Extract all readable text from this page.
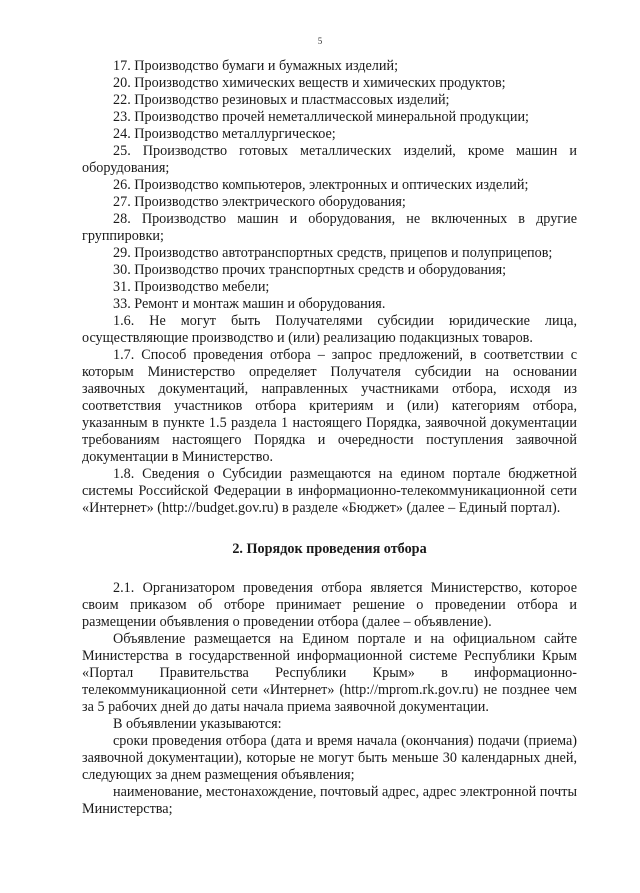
5

17. Производство бумаги и бумажных изделий;

20. Производство химических веществ и химических продуктов;

22. Производство резиновых и пластмассовых изделий;

23. Производство прочей неметаллической минеральной продукции;

24. Производство металлургическое;

25. Производство готовых металлических изделий, кроме машин и оборудования;

26. Производство компьютеров, электронных и оптических изделий;

27. Производство электрического оборудования;

28. Производство машин и оборудования, не включенных в другие группировки;

29. Производство автотранспортных средств, прицепов и полуприцепов;

30. Производство прочих транспортных средств и оборудования;

31. Производство мебели;

33. Ремонт и монтаж машин и оборудования.

1.6. Не могут быть Получателями субсидии юридические лица, осуществляющие производство и (или) реализацию подакцизных товаров.

1.7. Способ проведения отбора – запрос предложений, в соответствии с которым Министерство определяет Получателя субсидии на основании заявочных документаций, направленных участниками отбора, исходя из соответствия участников отбора критериям и (или) категориям отбора, указанным в пункте 1.5 раздела 1 настоящего Порядка, заявочной документации требованиям настоящего Порядка и очередности поступления заявочной документации в Министерство.

1.8. Сведения о Субсидии размещаются на едином портале бюджетной системы Российской Федерации в информационно-телекоммуникационной сети «Интернет» (http://budget.gov.ru) в разделе «Бюджет» (далее – Единый портал).

2. Порядок проведения отбора

2.1. Организатором проведения отбора является Министерство, которое своим приказом об отборе принимает решение о проведении отбора и размещении объявления о проведении отбора (далее – объявление).

Объявление размещается на Едином портале и на официальном сайте Министерства в государственной информационной системе Республики Крым «Портал Правительства Республики Крым» в информационно-телекоммуникационной сети «Интернет» (http://mprom.rk.gov.ru) не позднее чем за 5 рабочих дней до даты начала приема заявочной документации.

В объявлении указываются:

сроки проведения отбора (дата и время начала (окончания) подачи (приема) заявочной документации), которые не могут быть меньше 30 календарных дней, следующих за днем размещения объявления;

наименование, местонахождение, почтовый адрес, адрес электронной почты Министерства;
